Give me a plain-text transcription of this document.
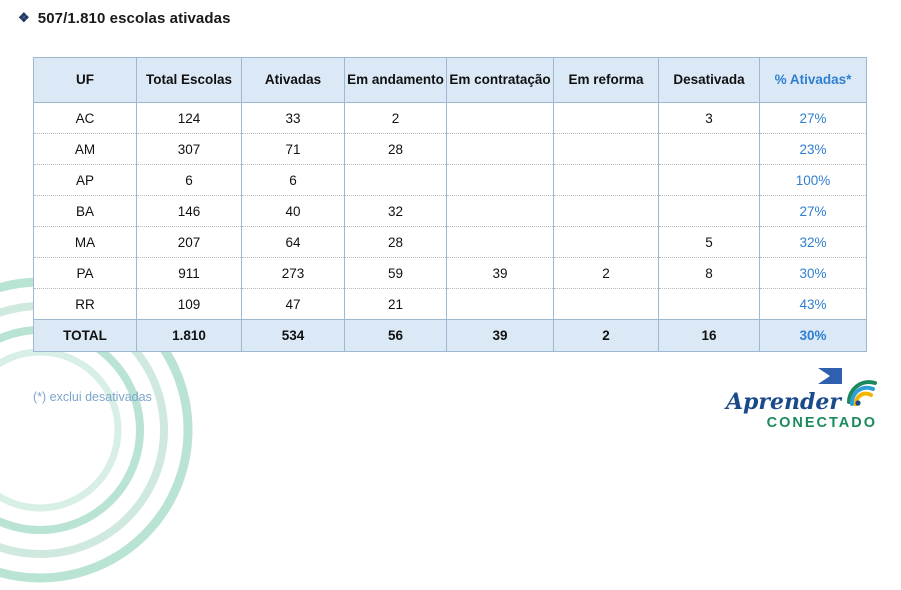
❖ 507/1.810 escolas ativadas
UF	Total Escolas	Ativadas	Em andamento	Em contratação	Em reforma	Desativada	% Ativadas*
AC	124	33	2			3	27%
AM	307	71	28				23%
AP	6	6					100%
BA	146	40	32				27%
MA	207	64	28			5	32%
PA	911	273	59	39	2	8	30%
RR	109	47	21				43%
TOTAL	1.810	534	56	39	2	16	30%
(*) exclui desativadas	Aprender
CONECTADO
